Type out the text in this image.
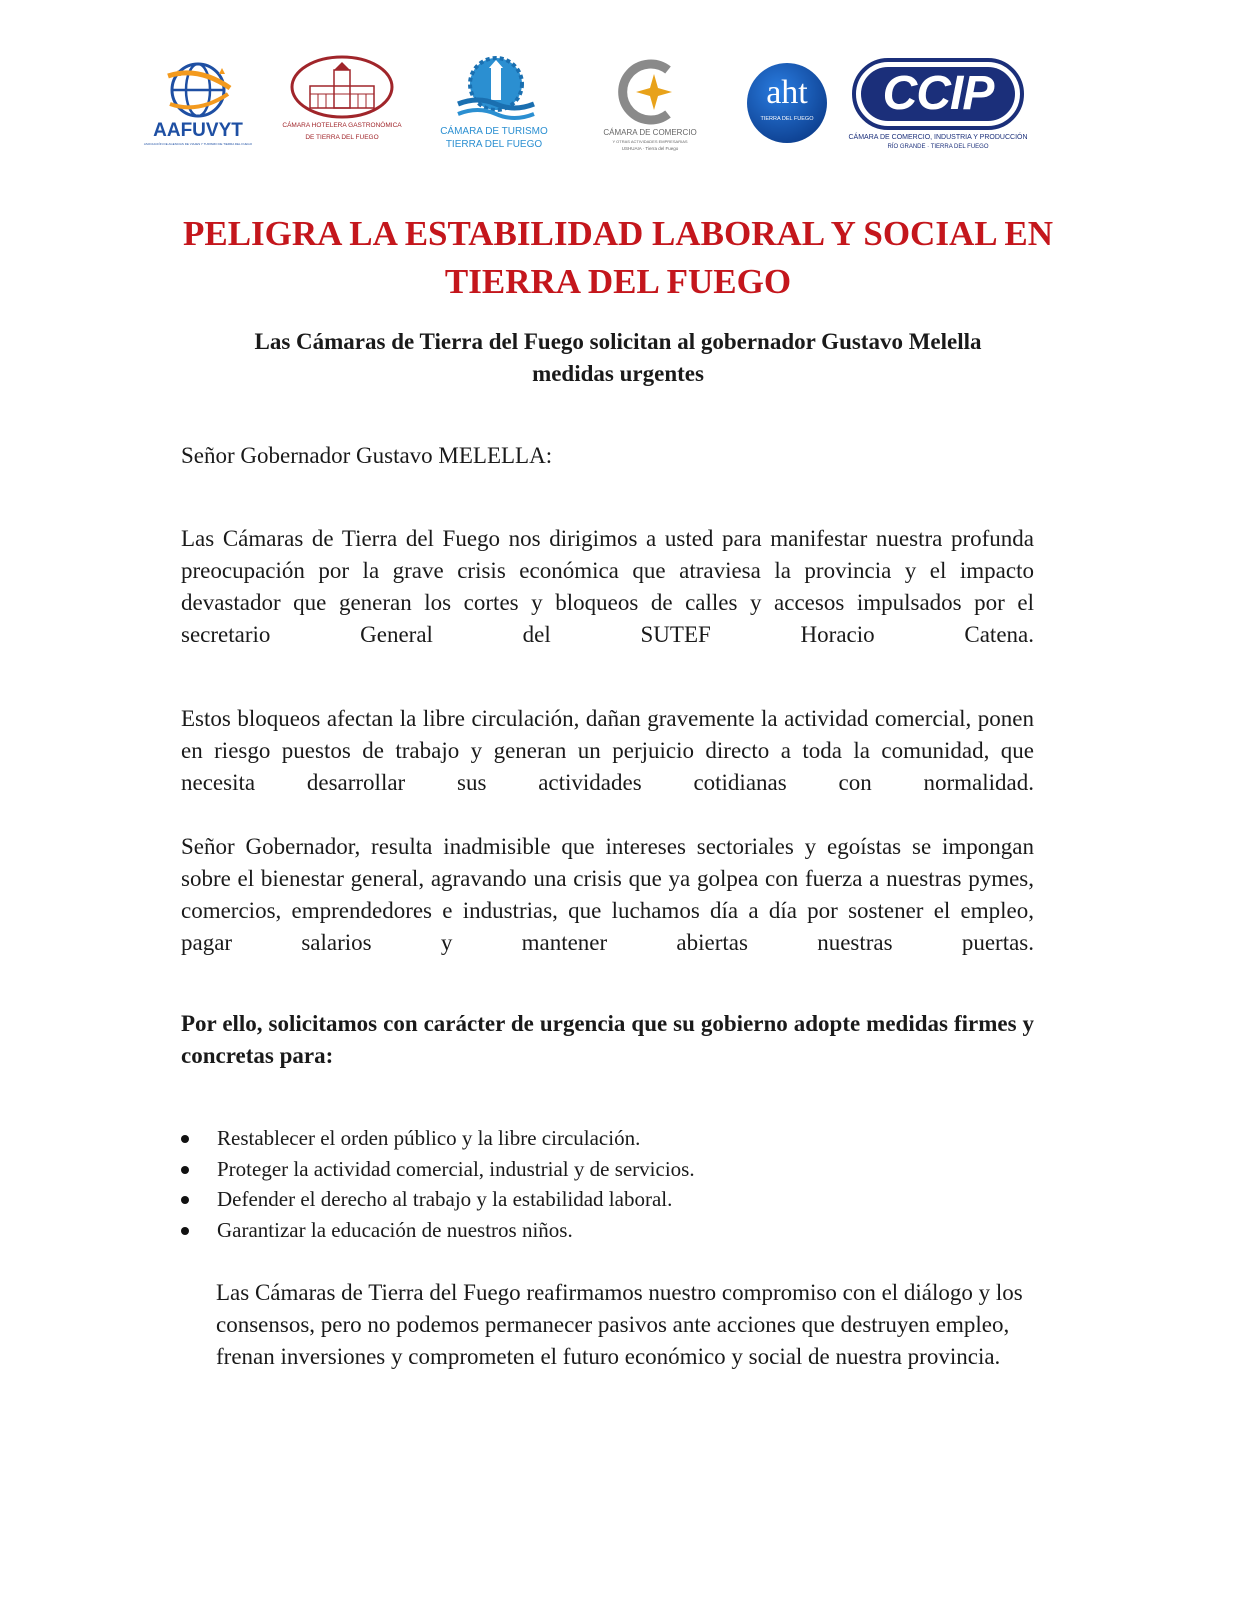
AAFUVYT
ASOCIACIÓN DE AGENCIAS DE VIAJES Y TURISMO DE TIERRA DEL FUEGO
CÁMARA HOTELERA GASTRONÓMICA
DE TIERRA DEL FUEGO
CÁMARA DE TURISMO
TIERRA DEL FUEGO
CÁMARA DE COMERCIO
Y OTRAS ACTIVIDADES EMPRESARIAS
USHUAIA · Tierra del Fuego
aht
TIERRA DEL FUEGO	CCIP
CÁMARA DE COMERCIO, INDUSTRIA Y PRODUCCIÓN
RÍO GRANDE · TIERRA DEL FUEGO
PELIGRA LA ESTABILIDAD LABORAL Y SOCIAL EN
TIERRA DEL FUEGO
Las Cámaras de Tierra del Fuego solicitan al gobernador Gustavo Melella
medidas urgentes

Señor Gobernador Gustavo MELELLA:

Las Cámaras de Tierra del Fuego nos dirigimos a usted para manifestar nuestra profunda preocupación por la grave crisis económica que atraviesa la provincia y el impacto devastador que generan los cortes y bloqueos de calles y accesos impulsados por el secretario General del SUTEF Horacio Catena.

Estos bloqueos afectan la libre circulación, dañan gravemente la actividad comercial, ponen en riesgo puestos de trabajo y generan un perjuicio directo a toda la comunidad, que necesita desarrollar sus actividades cotidianas con normalidad.

Señor Gobernador, resulta inadmisible que intereses sectoriales y egoístas se impongan sobre el bienestar general, agravando una crisis que ya golpea con fuerza a nuestras pymes, comercios, emprendedores e industrias, que luchamos día a día por sostener el empleo, pagar salarios y mantener abiertas nuestras puertas.

Por ello, solicitamos con carácter de urgencia que su gobierno adopte medidas firmes y concretas para:

Restablecer el orden público y la libre circulación.
Proteger la actividad comercial, industrial y de servicios.
Defender el derecho al trabajo y la estabilidad laboral.
Garantizar la educación de nuestros niños.

Las Cámaras de Tierra del Fuego reafirmamos nuestro compromiso con el diálogo y los consensos, pero no podemos permanecer pasivos ante acciones que destruyen empleo, frenan inversiones y comprometen el futuro económico y social de nuestra provincia.
